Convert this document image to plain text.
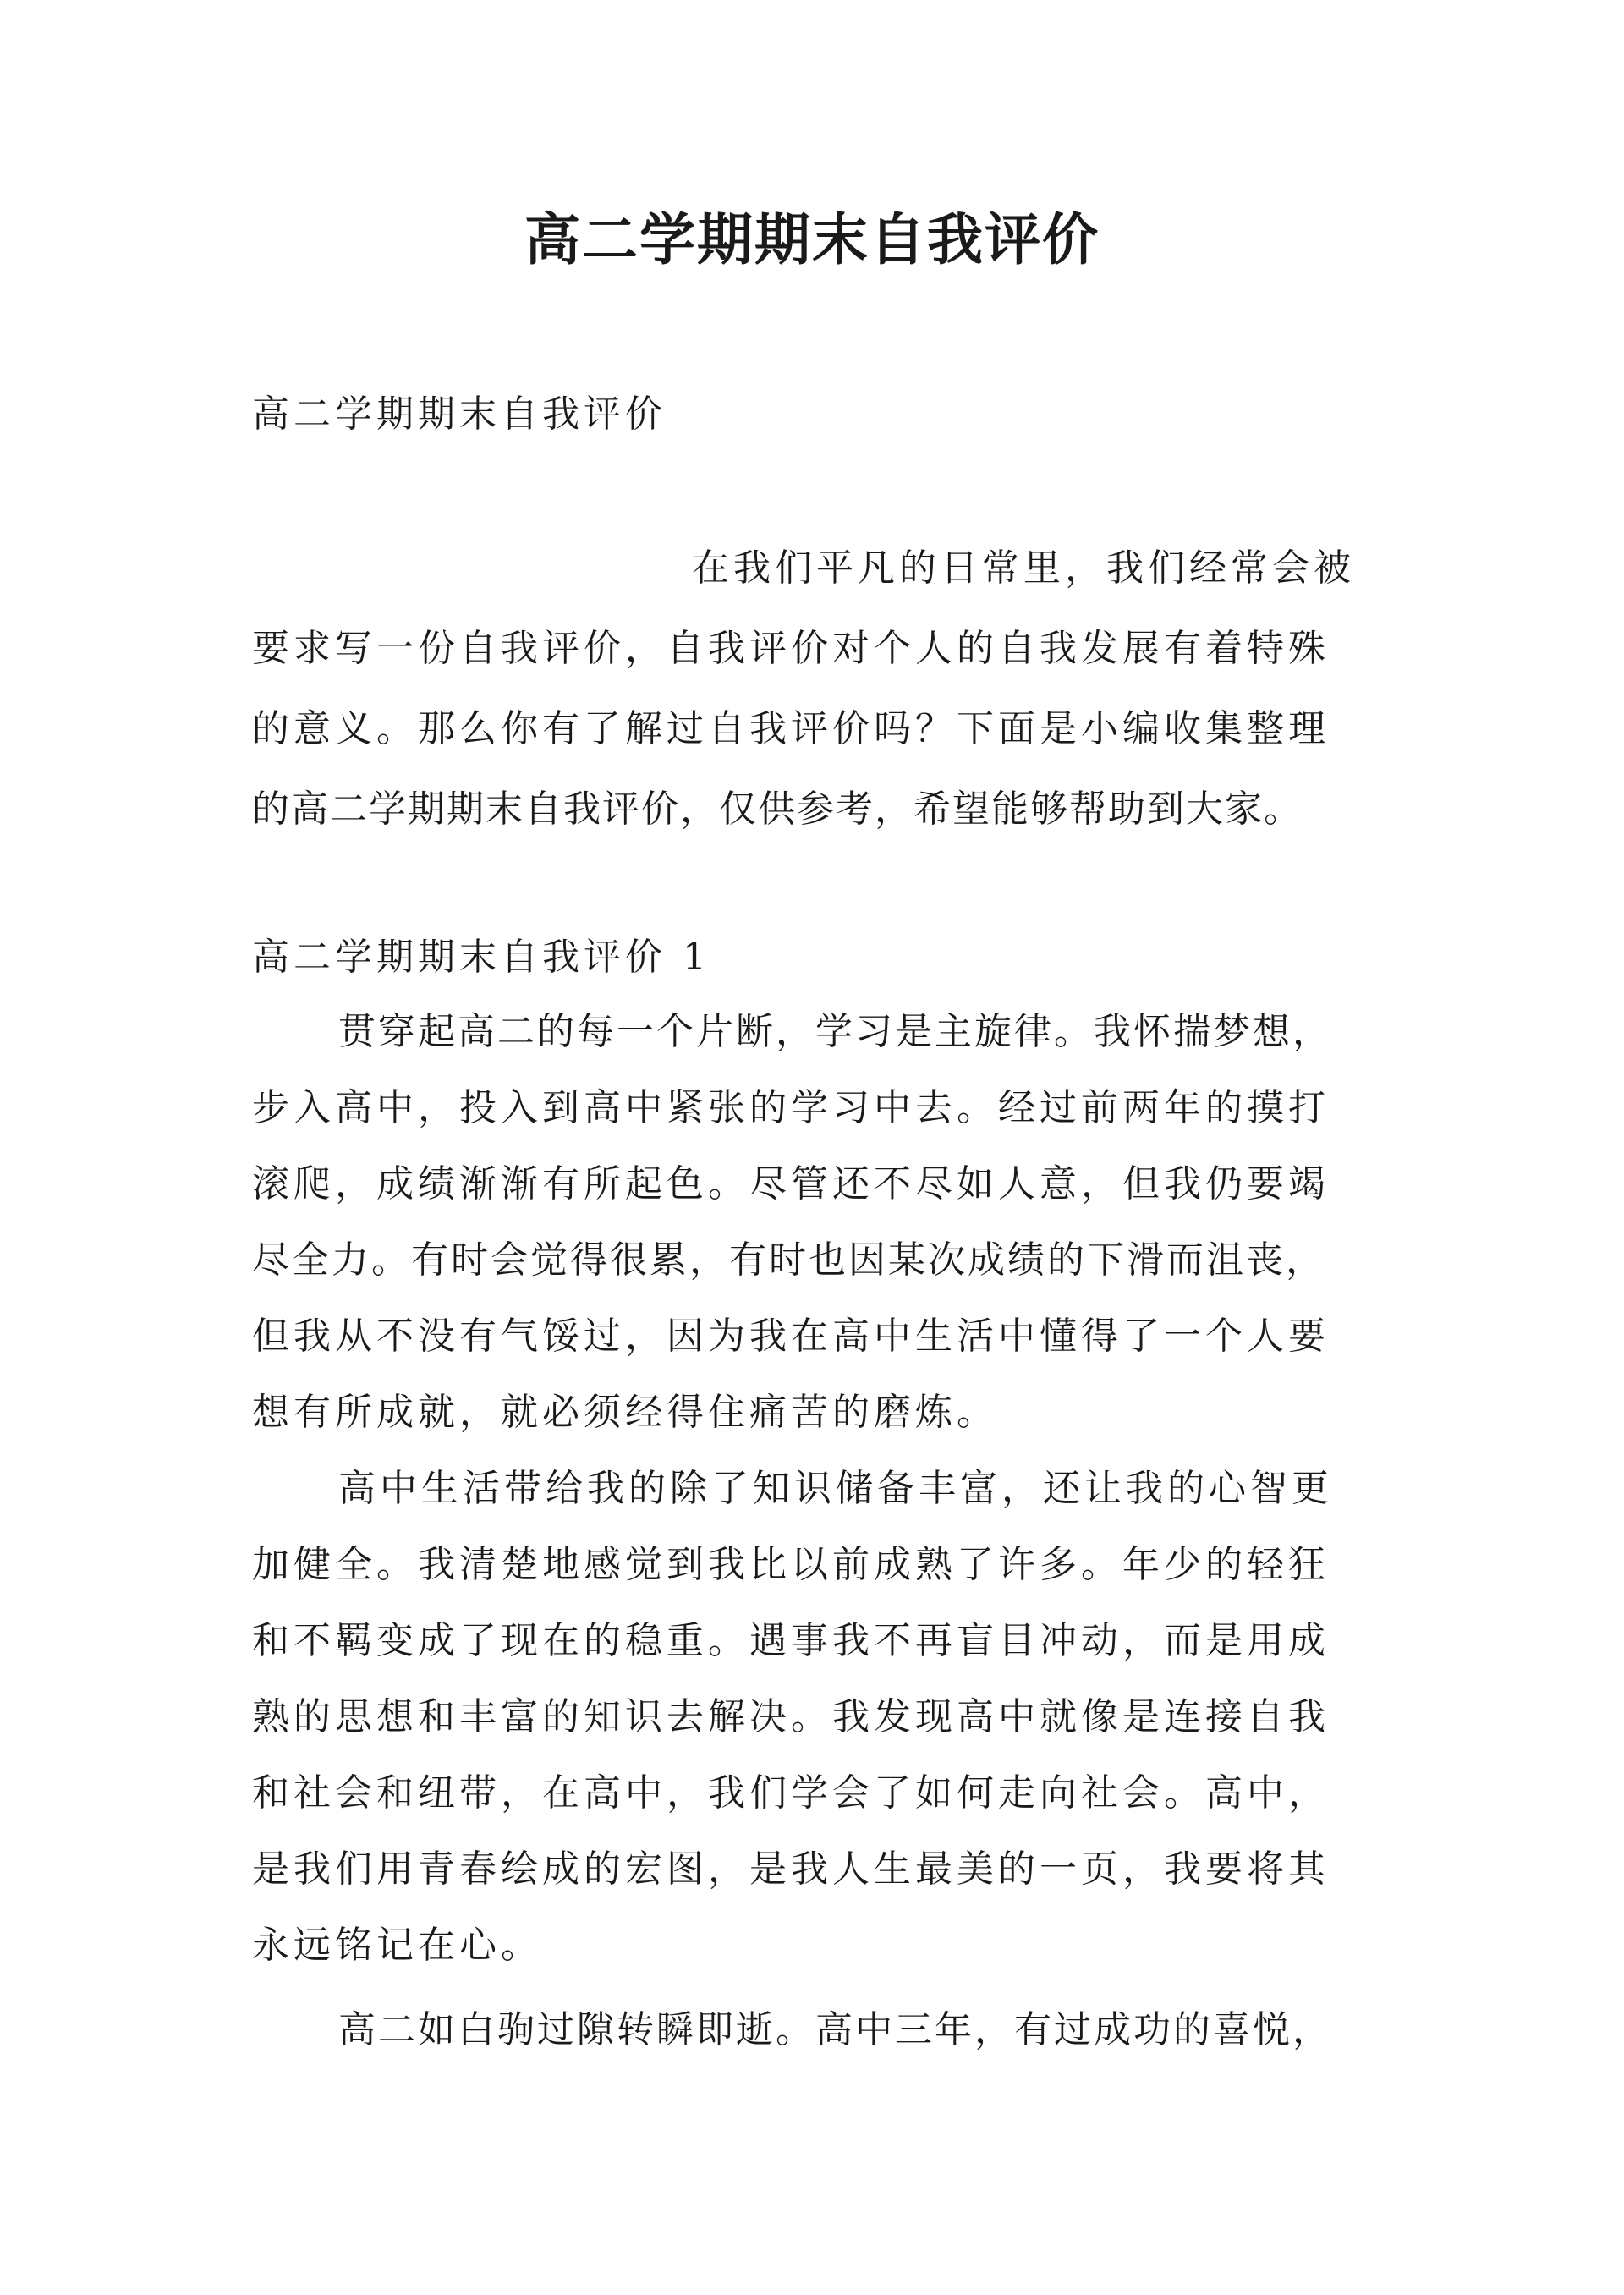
高二学期期末自我评价

高二学期期末自我评价

在我们平凡的日常里，我们经常会被

要求写一份自我评价，自我评价对个人的自我发展有着特殊

的意义。那么你有了解过自我评价吗？下面是小编收集整理

的高二学期期末自我评价，仅供参考，希望能够帮助到大家。

高二学期期末自我评价 1

贯穿起高二的每一个片断，学习是主旋律。我怀揣梦想，

步入高中，投入到高中紧张的学习中去。经过前两年的摸打

滚爬，成绩渐渐有所起色。尽管还不尽如人意，但我仍要竭

尽全力。有时会觉得很累，有时也因某次成绩的下滑而沮丧，

但我从不没有气馁过，因为我在高中生活中懂得了一个人要

想有所成就，就必须经得住痛苦的磨炼。

高中生活带给我的除了知识储备丰富，还让我的心智更

加健全。我清楚地感觉到我比以前成熟了许多。年少的轻狂

和不羁变成了现在的稳重。遇事我不再盲目冲动，而是用成

熟的思想和丰富的知识去解决。我发现高中就像是连接自我

和社会和纽带，在高中，我们学会了如何走向社会。高中，

是我们用青春绘成的宏图，是我人生最美的一页，我要将其

永远铭记在心。

高二如白驹过隙转瞬即逝。高中三年，有过成功的喜悦，
